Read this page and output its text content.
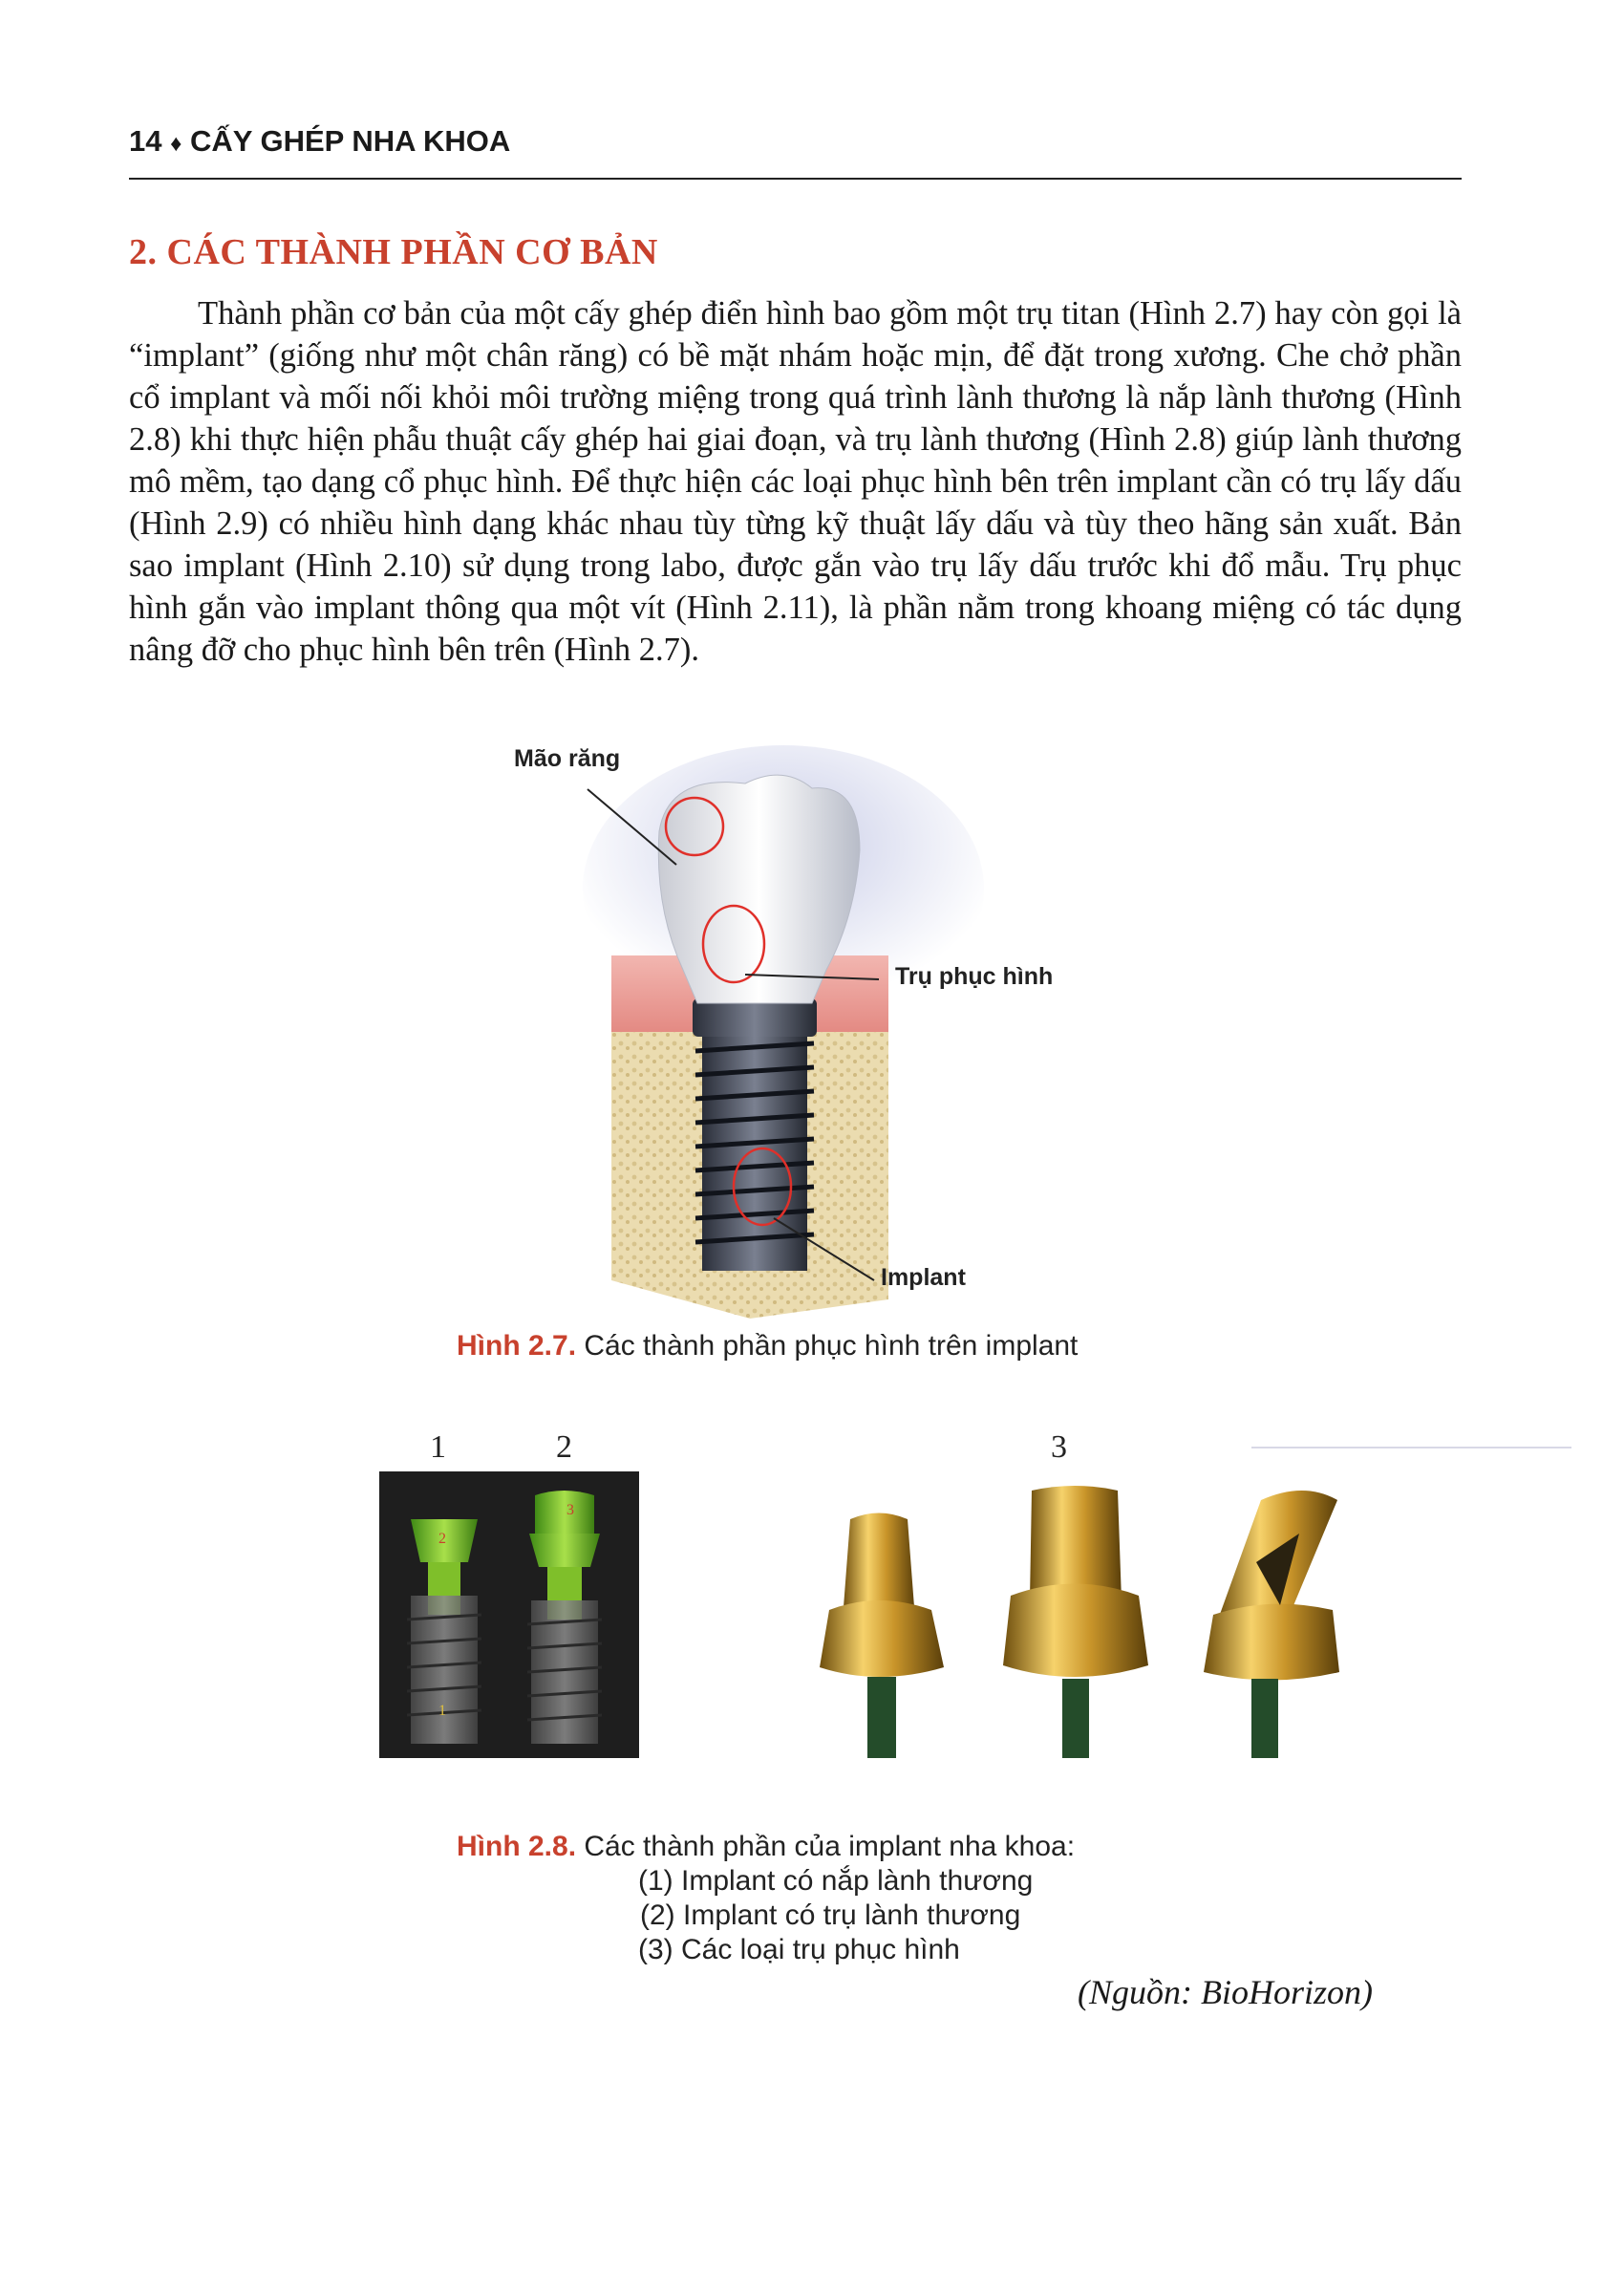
14 ♦ CẤY GHÉP NHA KHOA
2. CÁC THÀNH PHẦN CƠ BẢN
Thành phần cơ bản của một cấy ghép điển hình bao gồm một trụ titan (Hình 2.7) hay còn gọi là “implant” (giống như một chân răng) có bề mặt nhám hoặc mịn, để đặt trong xương. Che chở phần cổ implant và mối nối khỏi môi trường miệng trong quá trình lành thương là nắp lành thương (Hình 2.8) khi thực hiện phẫu thuật cấy ghép hai giai đoạn, và trụ lành thương (Hình 2.8) giúp lành thương mô mềm, tạo dạng cổ phục hình. Để thực hiện các loại phục hình bên trên implant cần có trụ lấy dấu (Hình 2.9) có nhiều hình dạng khác nhau tùy từng kỹ thuật lấy dấu và tùy theo hãng sản xuất. Bản sao implant (Hình 2.10) sử dụng trong labo, được gắn vào trụ lấy dấu trước khi đổ mẫu. Trụ phục hình gắn vào implant thông qua một vít (Hình 2.11), là phần nằm trong khoang miệng có tác dụng nâng đỡ cho phục hình bên trên (Hình 2.7).
Mão răng
Trụ phục hình
Implant
Hình 2.7. Các thành phần phục hình trên implant
1	2	3
2
1
3
Hình 2.8. Các thành phần của implant nha khoa:
(1) Implant có nắp lành thương
(2) Implant có trụ lành thương
(3) Các loại trụ phục hình
(Nguồn: BioHorizon)
